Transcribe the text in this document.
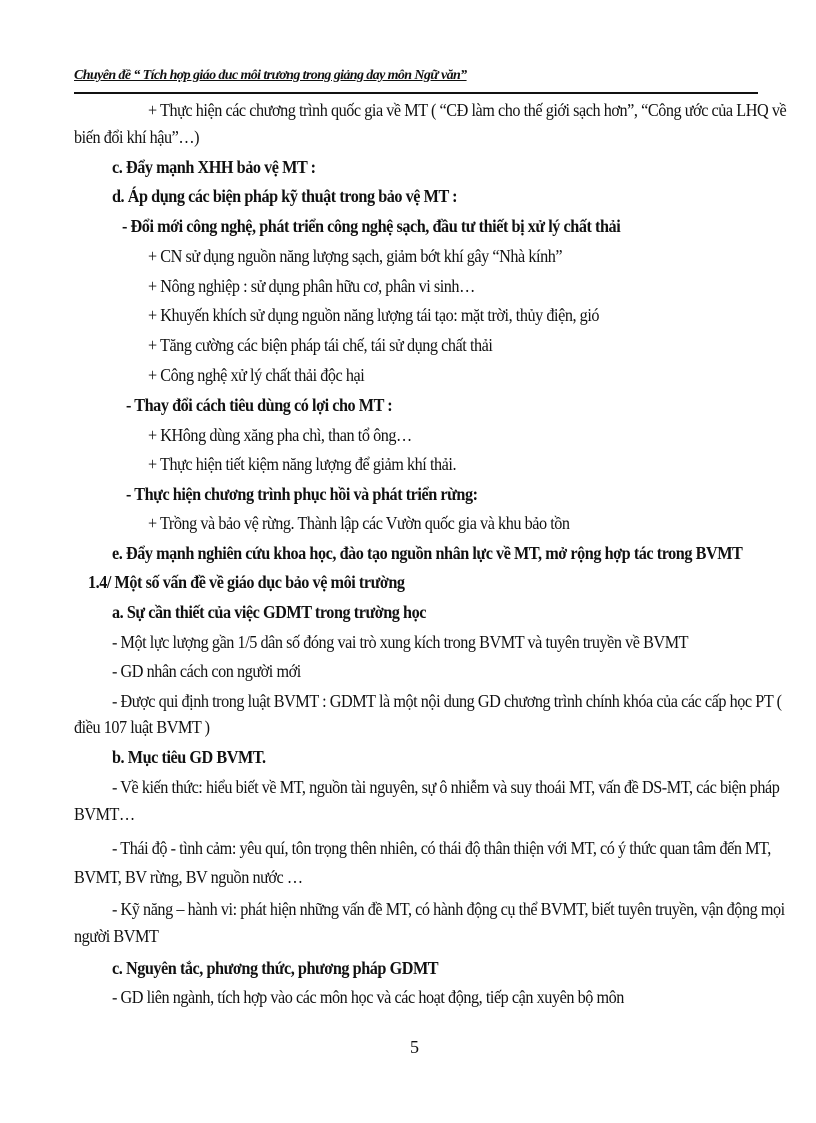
Chuyên đề “ Tích hợp giáo duc môi trương trong giảng day môn Ngữ văn”
+ Thực hiện các chương trình quốc gia về MT ( “CĐ làm cho thế giới sạch hơn”, “Công ước của LHQ về
biến đổi khí hậu”…)
c. Đẩy mạnh XHH bảo vệ MT :
d. Áp dụng các biện pháp kỹ thuật trong bảo vệ MT :
- Đổi mới công nghệ, phát triển công nghệ sạch, đầu tư thiết bị xử lý chất thải
+ CN sử dụng nguồn năng lượng sạch, giảm bớt khí gây “Nhà kính”
+ Nông nghiệp : sử dụng phân hữu cơ, phân vi sinh…
+ Khuyến khích sử dụng nguồn năng lượng tái tạo: mặt trời, thủy điện, gió
+ Tăng cường các biện pháp tái chế, tái sử dụng chất thải
+ Công nghệ xử lý chất thải độc hại
- Thay đổi cách tiêu dùng có lợi cho MT :
+ KHông dùng xăng pha chì, than tổ ông…
+ Thực hiện tiết kiệm năng lượng để giảm khí thải.
- Thực hiện chương trình phục hồi và phát triển rừng:
+ Trồng và bảo vệ rừng. Thành lập các Vườn quốc gia và khu bảo tồn
e. Đẩy mạnh nghiên cứu khoa học, đào tạo nguồn nhân lực về MT, mở rộng hợp tác trong BVMT
1.4/ Một số vấn đề về giáo dục bảo vệ môi trường
a. Sự cần thiết của việc GDMT trong trường học
- Một lực lượng gần 1/5 dân số đóng vai trò xung kích trong BVMT và tuyên truyền về BVMT
- GD nhân cách con người mới
- Được qui định trong luật BVMT : GDMT là một nội dung GD chương trình chính khóa của các cấp học PT (
điều 107 luật BVMT )
b. Mục tiêu GD BVMT.
- Về kiến thức: hiểu biết về MT, nguồn tài nguyên, sự ô nhiễm và suy thoái MT, vấn đề DS-MT, các biện pháp
BVMT…
- Thái độ - tình cảm: yêu quí, tôn trọng thên nhiên, có thái độ thân thiện với MT, có ý thức quan tâm đến MT,
BVMT, BV rừng, BV nguồn nước …
- Kỹ năng – hành vi: phát hiện những vấn đề MT, có hành động cụ thể BVMT, biết tuyên truyền, vận động mọi
người BVMT
c. Nguyên tắc, phương thức, phương pháp GDMT
- GD liên ngành, tích hợp vào các môn học và các hoạt động, tiếp cận xuyên bộ môn
5
